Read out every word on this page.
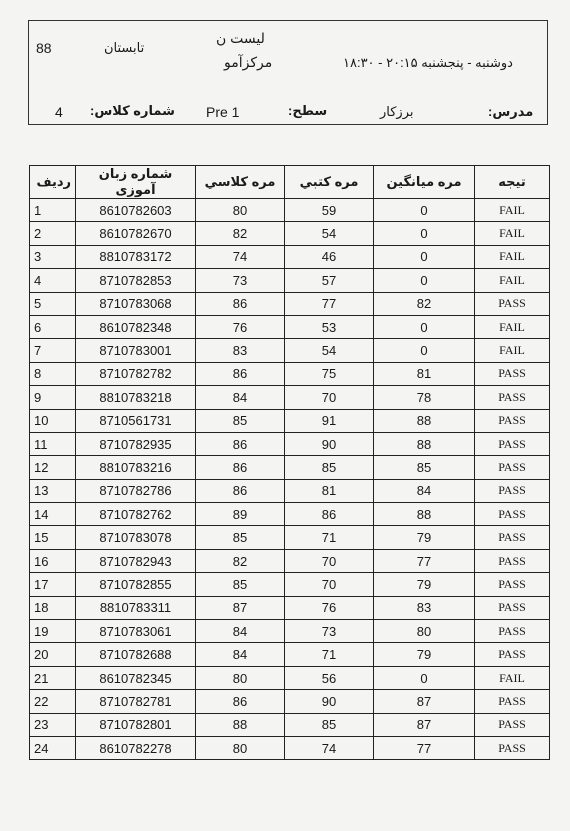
لیست ن
88	تابستان
مرکزآمو	دوشنبه - پنجشنبه ۲۰:۱۵ - ۱۸:۳۰
شماره کلاس:
4	Pre 1	سطح:	برزکار	مدرس:
ردیف	شماره زبان آموزی	مره کلاسي	مره کتبي	مره میانگین	تیجه
1	8610782603	80	59	0	FAIL
2	8610782670	82	54	0	FAIL
3	8810783172	74	46	0	FAIL
4	8710782853	73	57	0	FAIL
5	8710783068	86	77	82	PASS
6	8610782348	76	53	0	FAIL
7	8710783001	83	54	0	FAIL
8	8710782782	86	75	81	PASS
9	8810783218	84	70	78	PASS
10	8710561731	85	91	88	PASS
11	8710782935	86	90	88	PASS
12	8810783216	86	85	85	PASS
13	8710782786	86	81	84	PASS
14	8710782762	89	86	88	PASS
15	8710783078	85	71	79	PASS
16	8710782943	82	70	77	PASS
17	8710782855	85	70	79	PASS
18	8810783311	87	76	83	PASS
19	8710783061	84	73	80	PASS
20	8710782688	84	71	79	PASS
21	8610782345	80	56	0	FAIL
22	8710782781	86	90	87	PASS
23	8710782801	88	85	87	PASS
24	8610782278	80	74	77	PASS
